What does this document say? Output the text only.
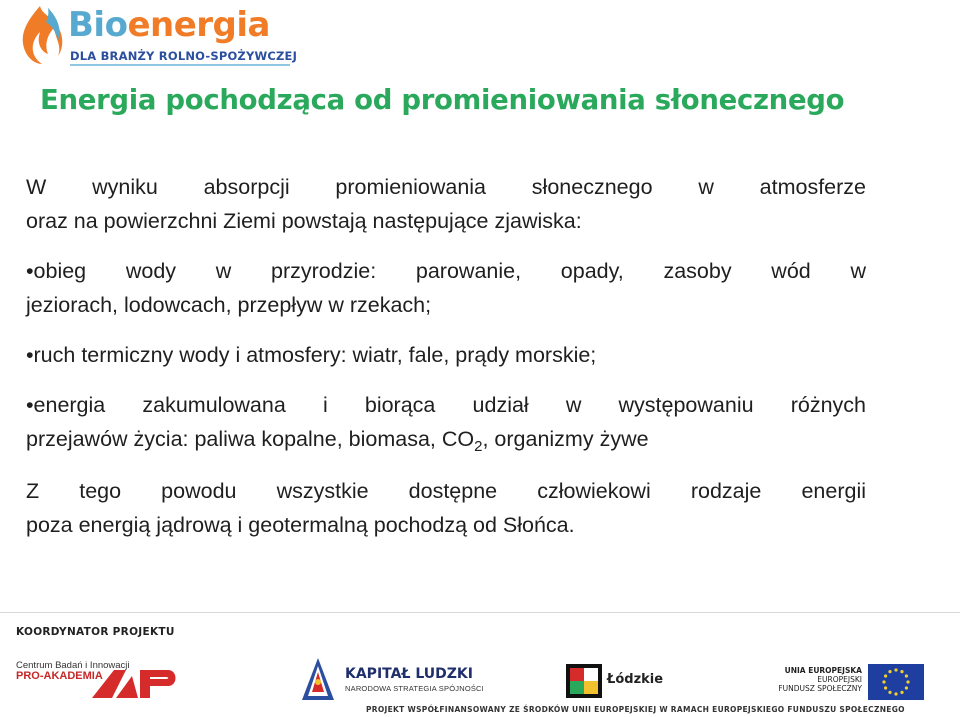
Bioenergia
DLA BRANŻY ROLNO-SPOŻYWCZEJ
Energia pochodząca od promieniowania słonecznego
W wyniku absorpcji promieniowania słonecznego w atmosferze
oraz na powierzchni Ziemi powstają następujące zjawiska:
•obieg wody w przyrodzie: parowanie, opady, zasoby wód w
jeziorach, lodowcach, przepływ w rzekach;
•ruch termiczny wody i atmosfery: wiatr, fale, prądy morskie;
•energia zakumulowana i biorąca udział w występowaniu różnych
przejawów życia: paliwa kopalne, biomasa, $CO_2$, organizmy żywe
Z tego powodu wszystkie dostępne człowiekowi rodzaje energii
poza energią jądrową i geotermalną pochodzą od Słońca.
KOORDYNATOR PROJEKTU
Centrum Badań i Innowacji
PRO-AKADEMIA	KAPITAŁ LUDZKI
NARODOWA STRATEGIA SPÓJNOŚCI
Łódzkie
UNIA EUROPEJSKA
EUROPEJSKI
FUNDUSZ SPOŁECZNY
PROJEKT WSPÓŁFINANSOWANY ZE ŚRODKÓW UNII EUROPEJSKIEJ W RAMACH EUROPEJSKIEGO FUNDUSZU SPOŁECZNEGO
